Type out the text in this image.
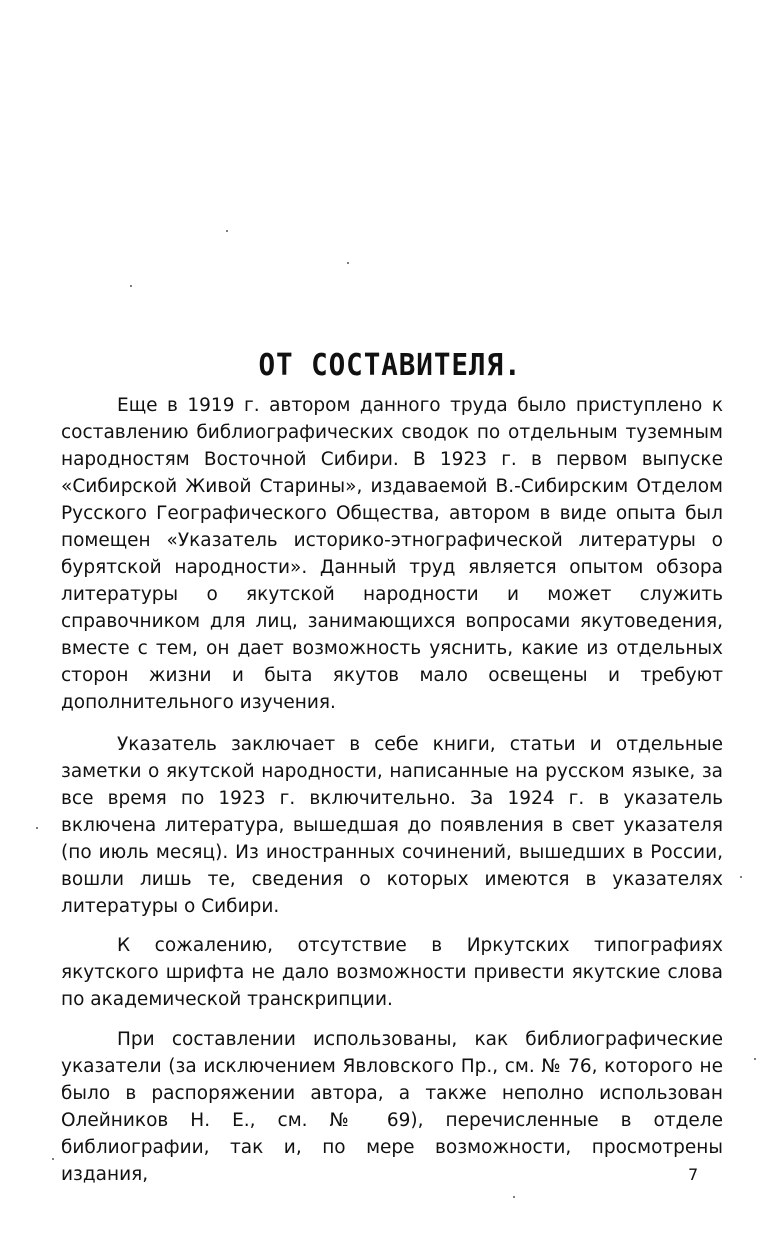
ОТ СОСТАВИТЕЛЯ.

Еще в 1919 г. автором данного труда было приступлено к составлению библиографических сводок по отдельным туземным народностям Восточной Сибири. В 1923 г. в первом выпуске «Сибирской Живой Старины», издаваемой В.-Сибирским Отделом Русского Географического Общества, автором в виде опыта был помещен «Указатель историко-этнографической литературы о бурятской народности». Данный труд является опытом обзора литературы о якутской народности и может служить справочником для лиц, занимающихся вопросами якутоведения, вместе с тем, он дает возможность уяснить, какие из отдельных сторон жизни и быта якутов мало освещены и требуют дополнительного изучения.

Указатель заключает в себе книги, статьи и отдельные заметки о якутской народности, написанные на русском языке, за все время по 1923 г. включительно. За 1924 г. в указатель включена литература, вышедшая до появления в свет указателя (по июль месяц). Из иностранных сочинений, вышедших в России, вошли лишь те, сведения о которых имеются в указателях литературы о Сибири.

К сожалению, отсутствие в Иркутских типографиях якутского шрифта не дало возможности привести якутские слова по академической транскрипции.

При составлении использованы, как библиографические указатели (за исключением Явловского Пр., см. № 76, которого не было в распоряжении автора, а также неполно использован Олейников Н. Е., см. № 69), перечисленные в отделе библиографии, так и, по мере возможности, просмотрены издания,	7
